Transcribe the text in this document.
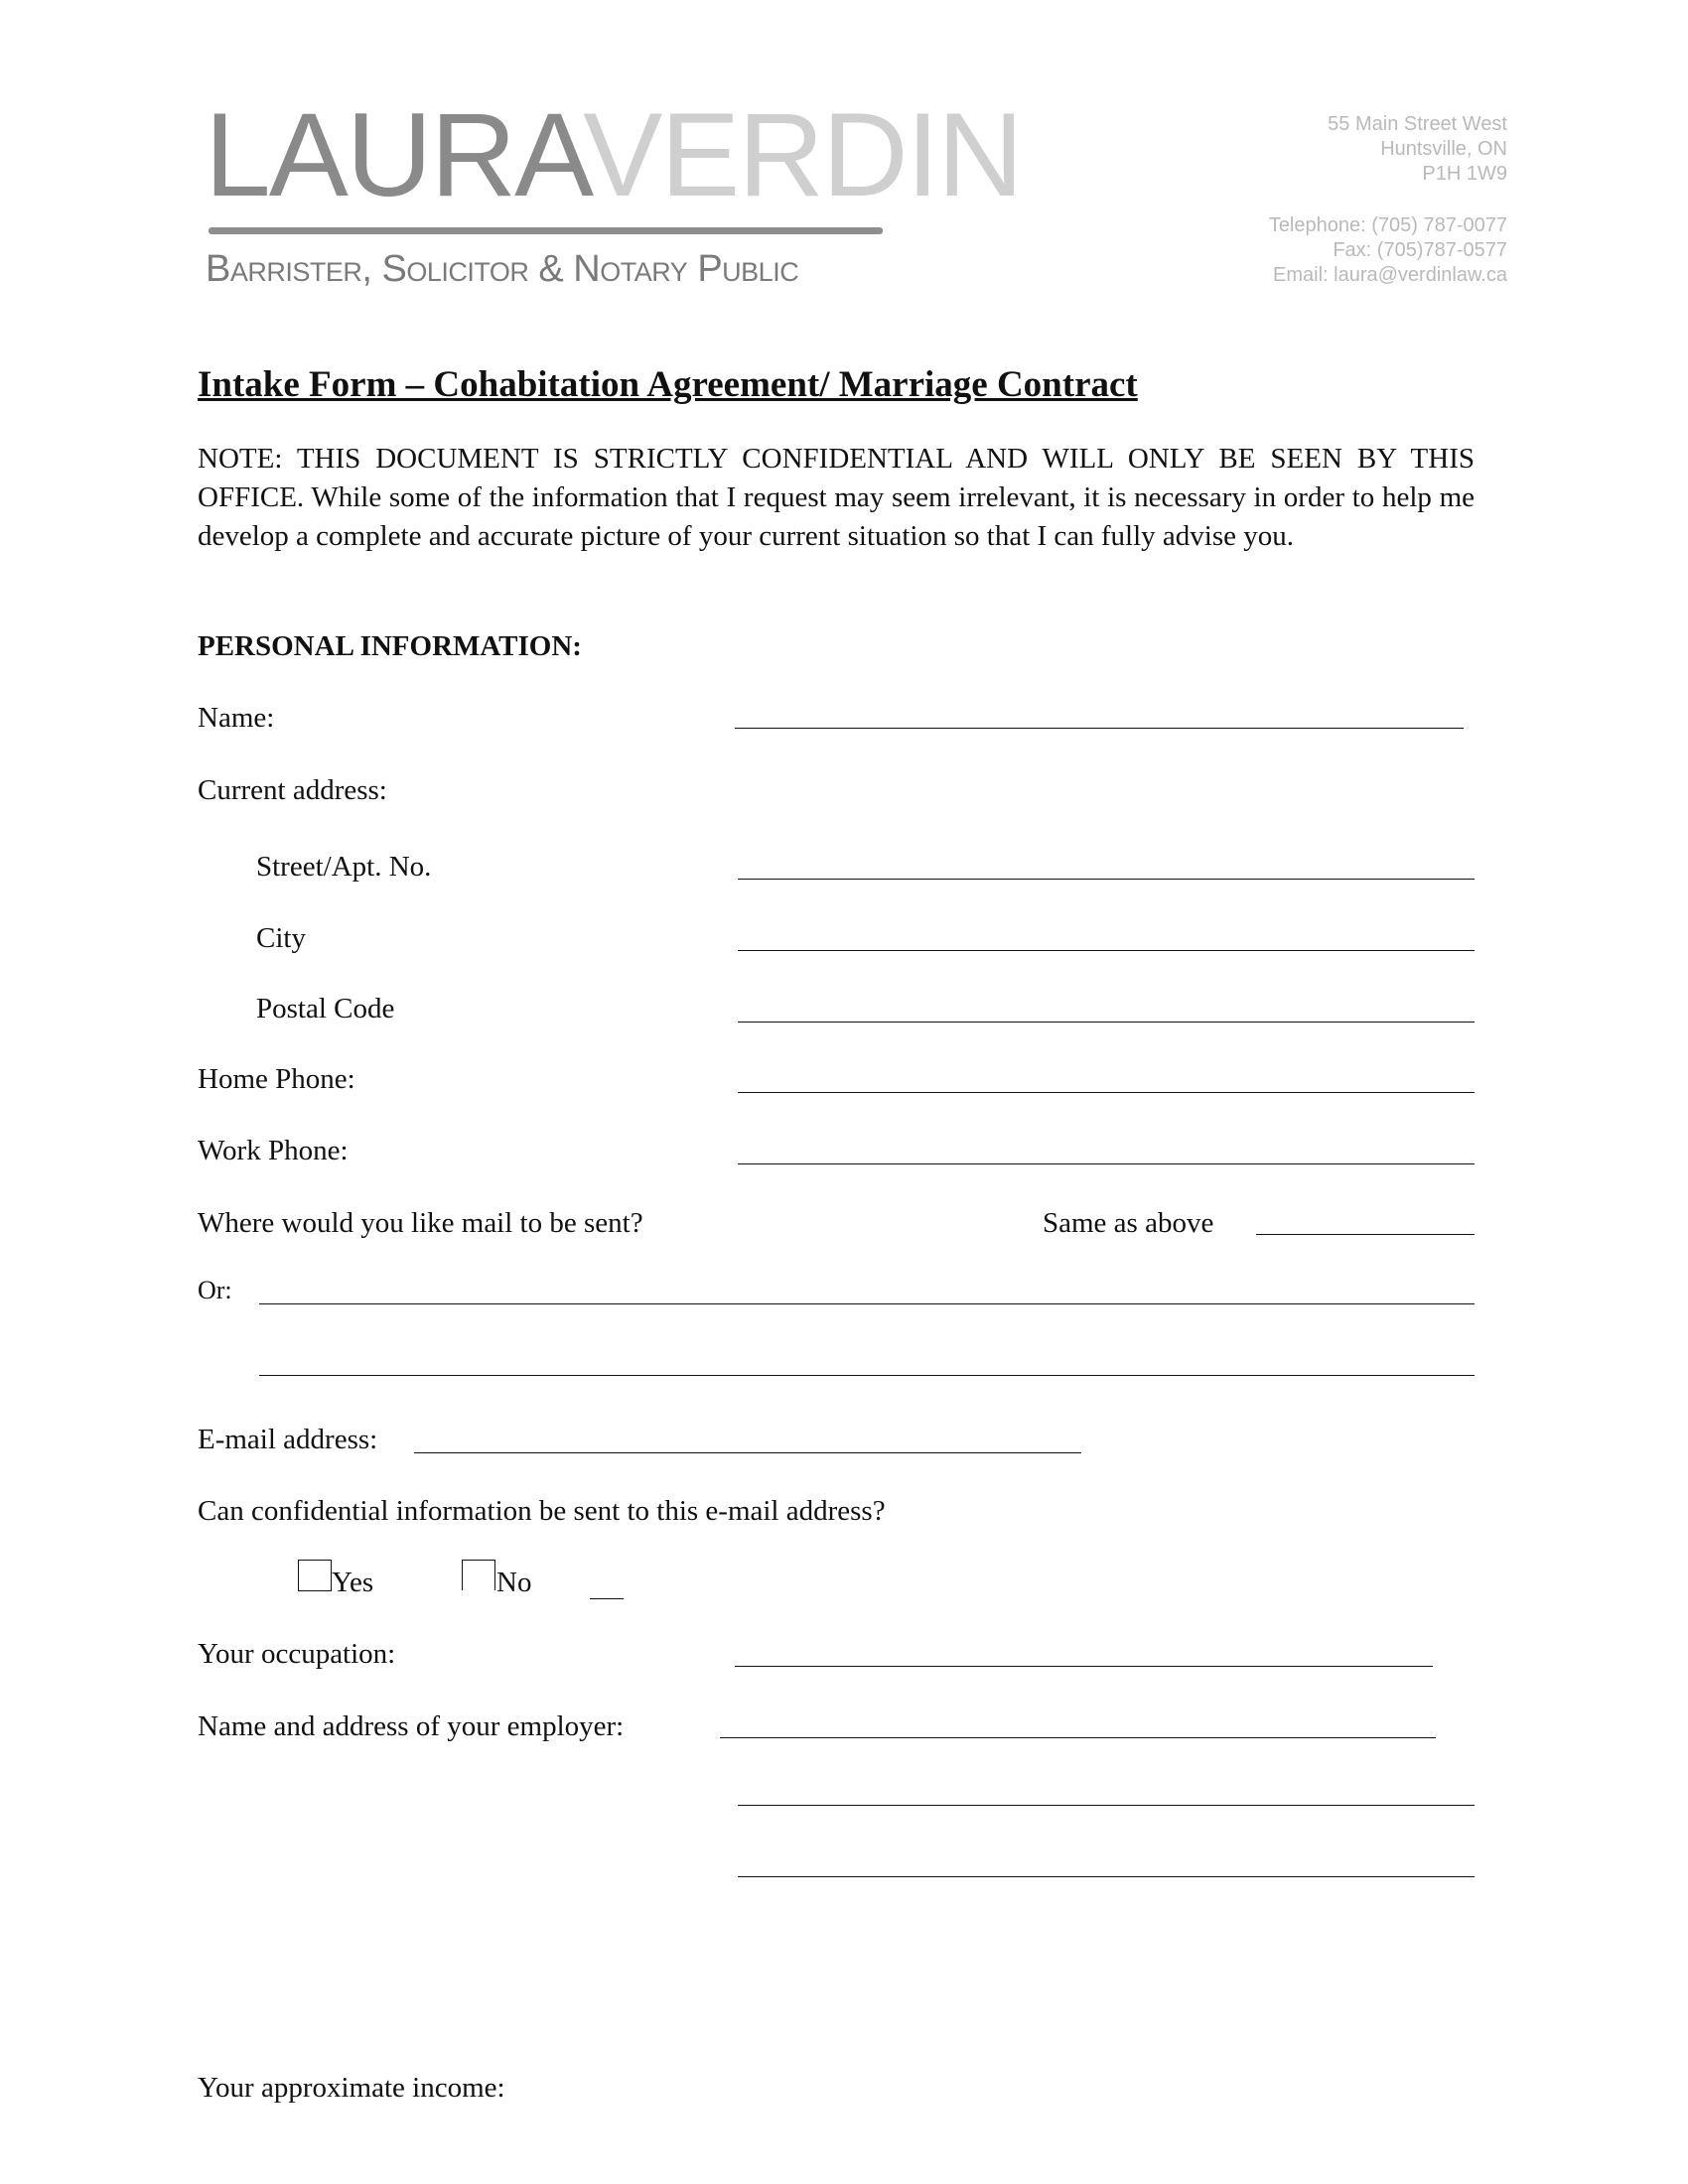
LAURAVERDIN
Barrister, Solicitor & Notary Public
55 Main Street West
Huntsville, ON
P1H 1W9
Telephone: (705) 787-0077
Fax: (705)787-0577
Email: laura@verdinlaw.ca
Intake Form – Cohabitation Agreement/ Marriage Contract
NOTE: THIS DOCUMENT IS STRICTLY CONFIDENTIAL AND WILL ONLY BE SEEN BY THIS OFFICE. While some of the information that I request may seem irrelevant, it is necessary in order to help me develop a complete and accurate picture of your current situation so that I can fully advise you.
PERSONAL INFORMATION:
Name:
Current address:
Street/Apt. No.
City
Postal Code
Home Phone:
Work Phone:
Where would you like mail to be sent?	Same as above
Or:
E-mail address:
Can confidential information be sent to this e-mail address?
Yes	No
Your occupation:
Name and address of your employer:
Your approximate income:
